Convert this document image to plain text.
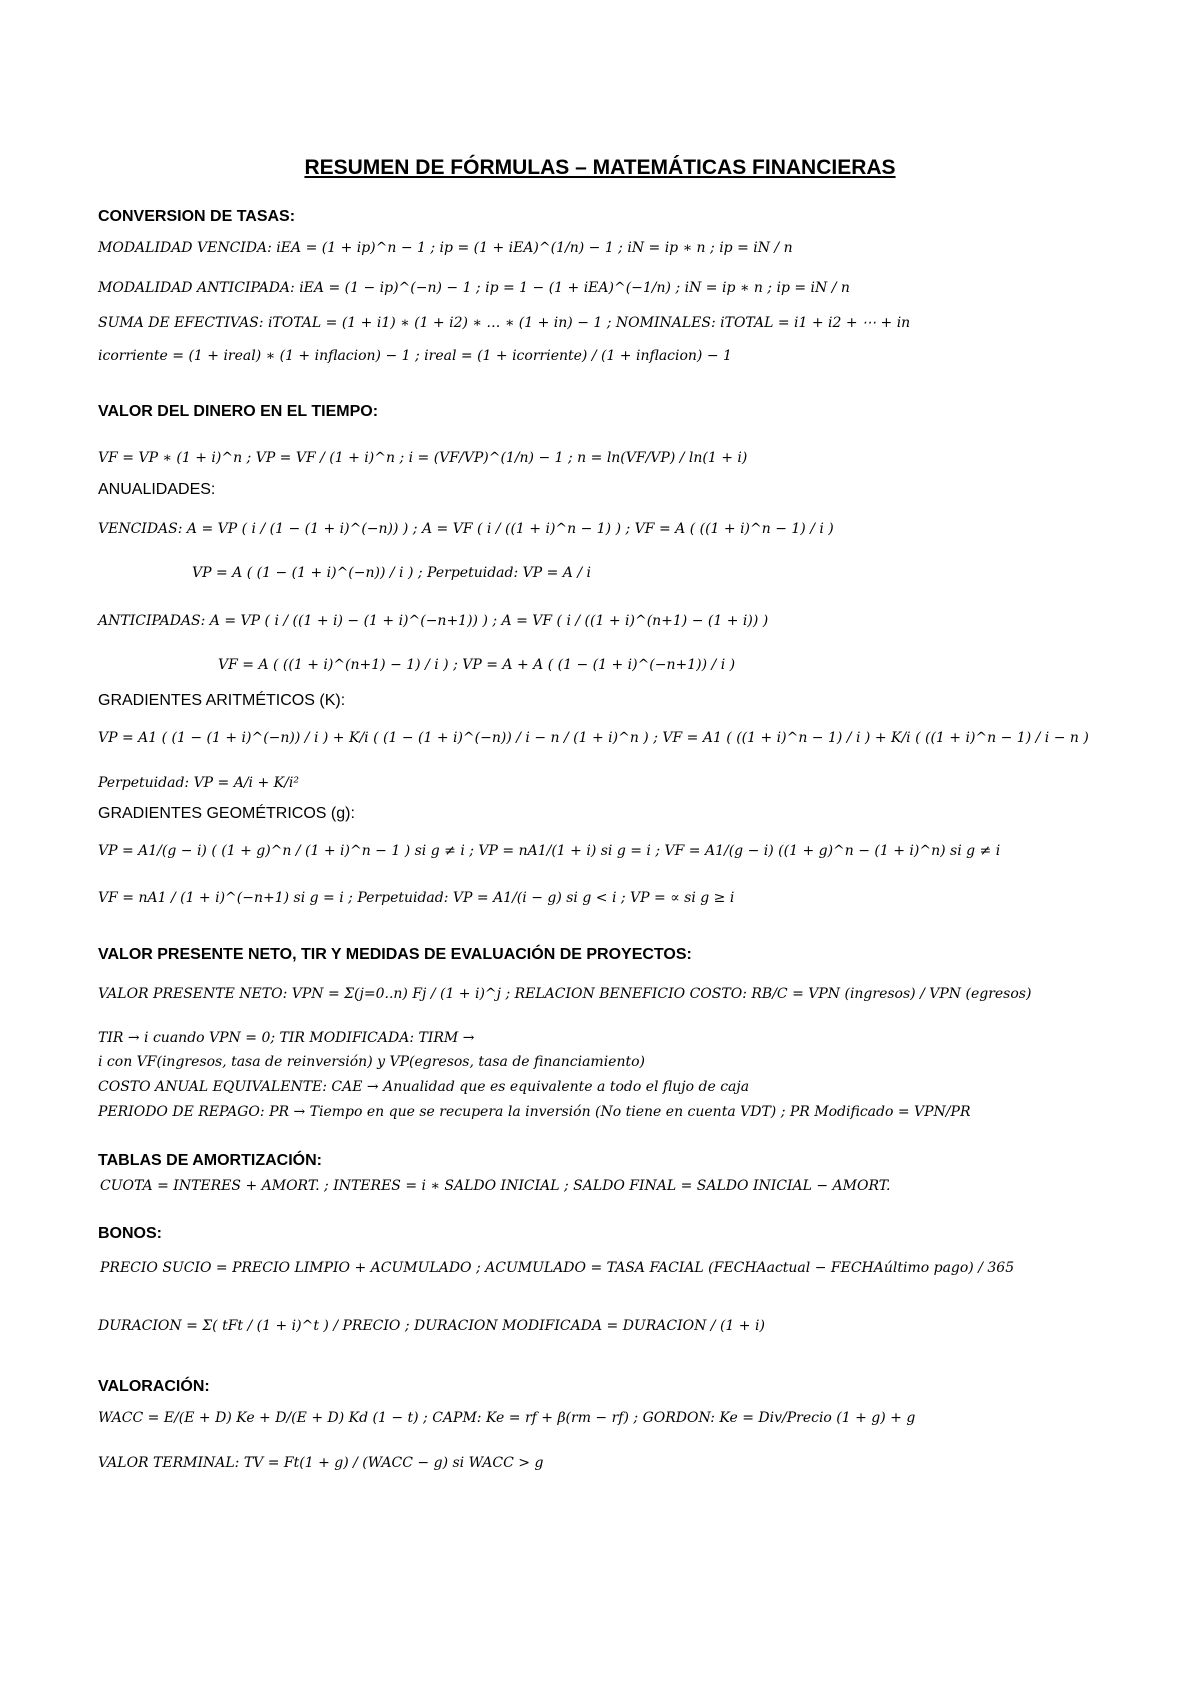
RESUMEN DE FÓRMULAS – MATEMÁTICAS FINANCIERAS
CONVERSION DE TASAS:
MODALIDAD VENCIDA: iEA = (1 + ip)^n − 1 ; ip = (1 + iEA)^(1/n) − 1 ; iN = ip ∗ n ; ip = iN / n
MODALIDAD ANTICIPADA: iEA = (1 − ip)^(−n) − 1 ; ip = 1 − (1 + iEA)^(−1/n) ; iN = ip ∗ n ; ip = iN / n
SUMA DE EFECTIVAS: iTOTAL = (1 + i1) ∗ (1 + i2) ∗ … ∗ (1 + in) − 1 ; NOMINALES: iTOTAL = i1 + i2 + ⋯ + in
icorriente = (1 + ireal) ∗ (1 + inflacion) − 1 ; ireal = (1 + icorriente) / (1 + inflacion) − 1
VALOR DEL DINERO EN EL TIEMPO:
VF = VP ∗ (1 + i)^n ; VP = VF / (1 + i)^n ; i = (VF/VP)^(1/n) − 1 ; n = ln(VF/VP) / ln(1 + i)
ANUALIDADES:
VENCIDAS: A = VP ( i / (1 − (1 + i)^(−n)) ) ; A = VF ( i / ((1 + i)^n − 1) ) ; VF = A ( ((1 + i)^n − 1) / i )
VP = A ( (1 − (1 + i)^(−n)) / i ) ; Perpetuidad: VP = A / i
ANTICIPADAS: A = VP ( i / ((1 + i) − (1 + i)^(−n+1)) ) ; A = VF ( i / ((1 + i)^(n+1) − (1 + i)) )
VF = A ( ((1 + i)^(n+1) − 1) / i ) ; VP = A + A ( (1 − (1 + i)^(−n+1)) / i )
GRADIENTES ARITMÉTICOS (K):
VP = A1 ( (1 − (1 + i)^(−n)) / i ) + K/i ( (1 − (1 + i)^(−n)) / i − n / (1 + i)^n ) ; VF = A1 ( ((1 + i)^n − 1) / i ) + K/i ( ((1 + i)^n − 1) / i − n )
Perpetuidad: VP = A/i + K/i²
GRADIENTES GEOMÉTRICOS (g):
VP = A1/(g − i) ( (1 + g)^n / (1 + i)^n − 1 ) si g ≠ i ; VP = nA1/(1 + i) si g = i ; VF = A1/(g − i) ((1 + g)^n − (1 + i)^n) si g ≠ i
VF = nA1 / (1 + i)^(−n+1) si g = i ; Perpetuidad: VP = A1/(i − g) si g < i ; VP = ∝ si g ≥ i
VALOR PRESENTE NETO, TIR Y MEDIDAS DE EVALUACIÓN DE PROYECTOS:
VALOR PRESENTE NETO: VPN = Σ(j=0..n) Fj / (1 + i)^j ; RELACION BENEFICIO COSTO: RB/C = VPN (ingresos) / VPN (egresos)
TIR → i cuando VPN = 0; TIR MODIFICADA: TIRM →
i con VF(ingresos, tasa de reinversión) y VP(egresos, tasa de financiamiento)
COSTO ANUAL EQUIVALENTE: CAE → Anualidad que es equivalente a todo el flujo de caja
PERIODO DE REPAGO: PR → Tiempo en que se recupera la inversión (No tiene en cuenta VDT) ; PR Modificado = VPN/PR
TABLAS DE AMORTIZACIÓN:
CUOTA = INTERES + AMORT. ; INTERES = i ∗ SALDO INICIAL ; SALDO FINAL = SALDO INICIAL − AMORT.
BONOS:
PRECIO SUCIO = PRECIO LIMPIO + ACUMULADO ; ACUMULADO = TASA FACIAL (FECHAactual − FECHAúltimo pago) / 365
DURACION = Σ( tFt / (1 + i)^t ) / PRECIO ; DURACION MODIFICADA = DURACION / (1 + i)
VALORACIÓN:
WACC = E/(E + D) Ke + D/(E + D) Kd (1 − t) ; CAPM: Ke = rf + β(rm − rf) ; GORDON: Ke = Div/Precio (1 + g) + g
VALOR TERMINAL: TV = Ft(1 + g) / (WACC − g) si WACC > g
